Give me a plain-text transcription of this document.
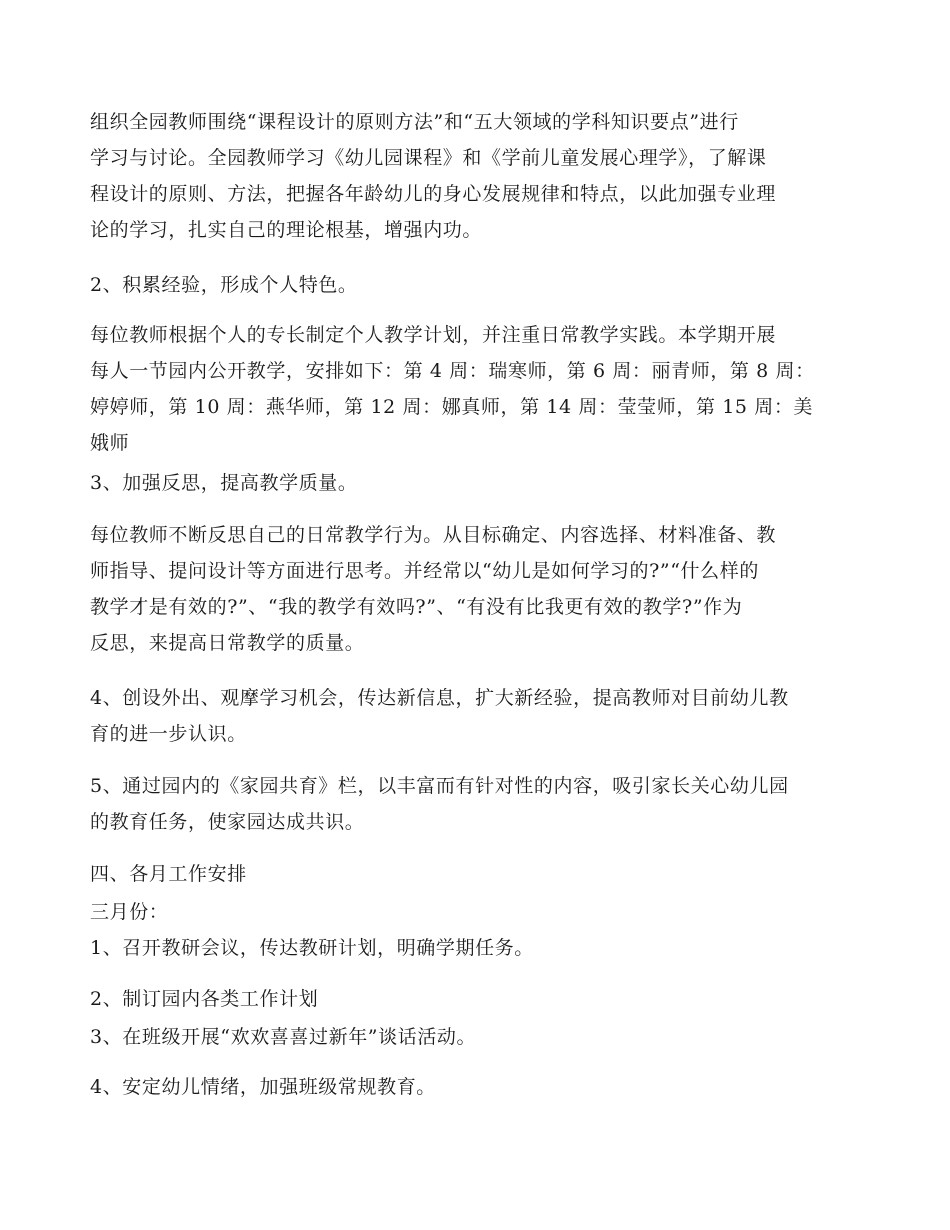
组织全园教师围绕“课程设计的原则方法”和“五大领域的学科知识要点”进行
学习与讨论。全园教师学习《幼儿园课程》和《学前儿童发展心理学》，了解课
程设计的原则、方法，把握各年龄幼儿的身心发展规律和特点，以此加强专业理
论的学习，扎实自己的理论根基，增强内功。
2、积累经验，形成个人特色。
每位教师根据个人的专长制定个人教学计划，并注重日常教学实践。本学期开展
每人一节园内公开教学，安排如下：第 4 周：瑞寒师，第 6 周：丽青师，第 8 周：
婷婷师，第 10 周：燕华师，第 12 周：娜真师，第 14 周：莹莹师，第 15 周：美
娥师
3、加强反思，提高教学质量。
每位教师不断反思自己的日常教学行为。从目标确定、内容选择、材料准备、教
师指导、提问设计等方面进行思考。并经常以“幼儿是如何学习的?”“什么样的
教学才是有效的?”、“我的教学有效吗?”、“有没有比我更有效的教学?”作为
反思，来提高日常教学的质量。
4、创设外出、观摩学习机会，传达新信息，扩大新经验，提高教师对目前幼儿教
育的进一步认识。
5、通过园内的《家园共育》栏，以丰富而有针对性的内容，吸引家长关心幼儿园
的教育任务，使家园达成共识。
四、各月工作安排
三月份：
1、召开教研会议，传达教研计划，明确学期任务。
2、制订园内各类工作计划
3、在班级开展“欢欢喜喜过新年”谈话活动。
4、安定幼儿情绪，加强班级常规教育。
